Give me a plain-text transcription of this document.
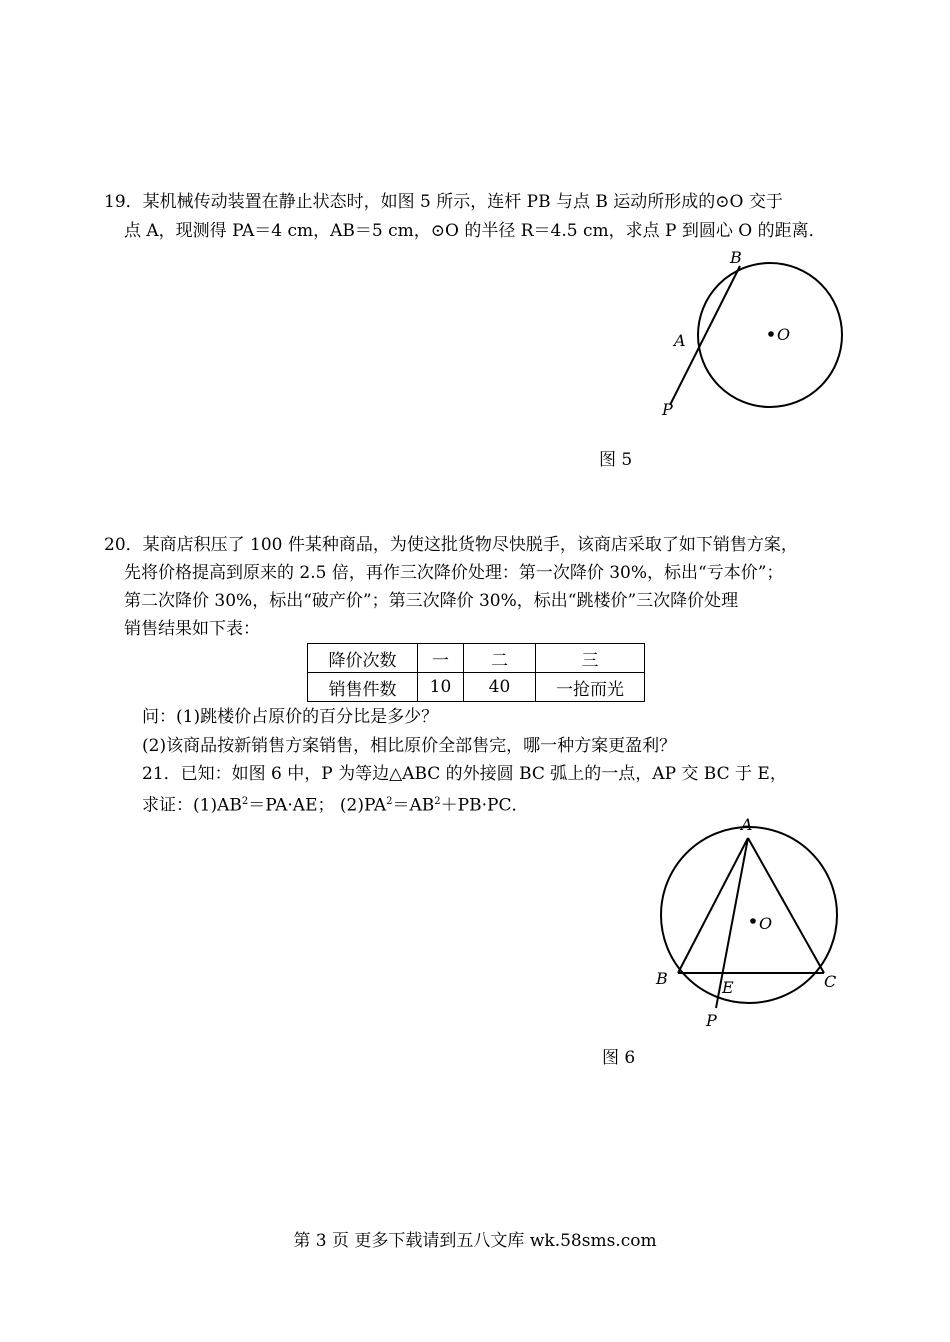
19．某机械传动装置在静止状态时，如图 5 所示，连杆 PB 与点 B 运动所形成的⊙O 交于
点 A，现测得 PA＝4 cm，AB＝5 cm，⊙O 的半径 R＝4.5 cm，求点 P 到圆心 O 的距离．
B
A	O
P
图 5
20．某商店积压了 100 件某种商品，为使这批货物尽快脱手，该商店采取了如下销售方案，
先将价格提高到原来的 2.5 倍，再作三次降价处理：第一次降价 30%，标出“亏本价”；
第二次降价 30%，标出“破产价”；第三次降价 30%，标出“跳楼价”三次降价处理
销售结果如下表：
降价次数	一	二	三
销售件数	10	40	一抢而光
问：(1)跳楼价占原价的百分比是多少？
(2)该商品按新销售方案销售，相比原价全部售完，哪一种方案更盈利？
21．已知：如图 6 中，P 为等边△ABC 的外接圆 BC 弧上的一点，AP 交 BC 于 E，
求证：$(1)AB^2=PA\cdot AE$； $(2)PA^2=AB^2+PB\cdot PC$．
A
O
B	E	C
P
图 6
第 3 页 更多下载请到五八文库 wk.58sms.com
